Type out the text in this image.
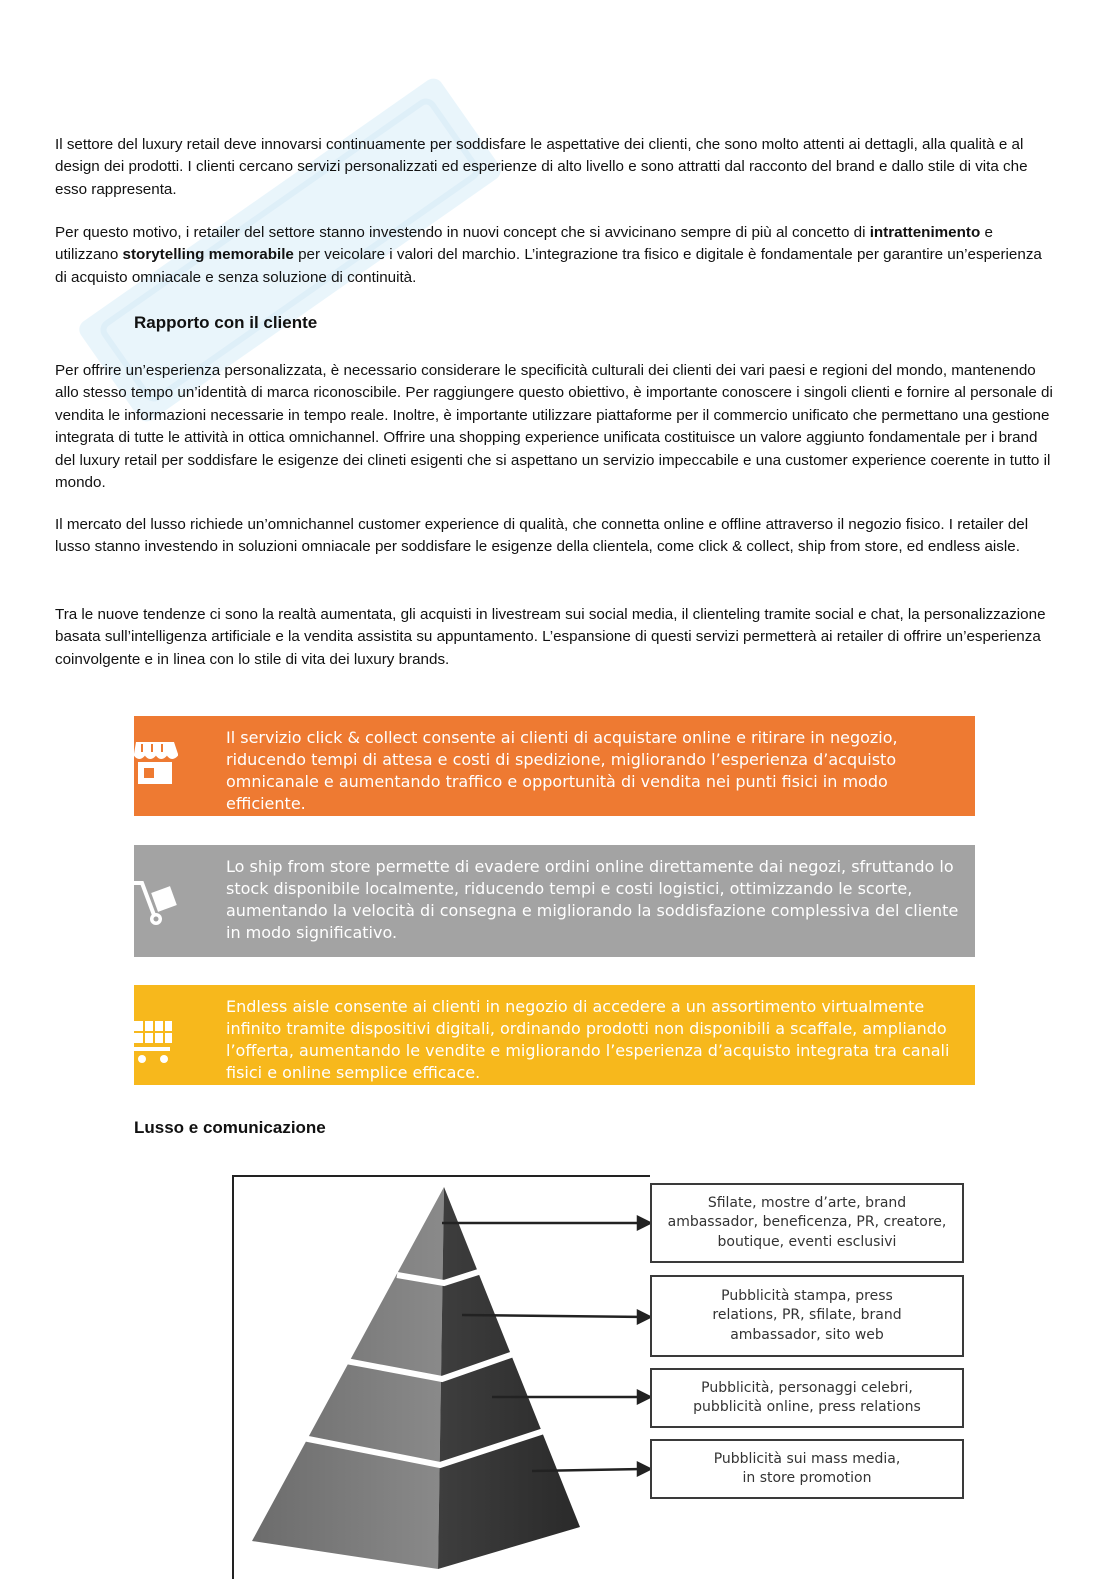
Il settore del luxury retail deve innovarsi continuamente per soddisfare le aspettative dei clienti, che sono molto attenti ai dettagli, alla qualità e al design dei prodotti. I clienti cercano servizi personalizzati ed esperienze di alto livello e sono attratti dal racconto del brand e dallo stile di vita che esso rappresenta.

Per questo motivo, i retailer del settore stanno investendo in nuovi concept che si avvicinano sempre di più al concetto di intrattenimento e utilizzano storytelling memorabile per veicolare i valori del marchio. L’integrazione tra fisico e digitale è fondamentale per garantire un’esperienza di acquisto omniacale e senza soluzione di continuità.

Rapporto con il cliente

Per offrire un’esperienza personalizzata, è necessario considerare le specificità culturali dei clienti dei vari paesi e regioni del mondo, mantenendo allo stesso tempo un’identità di marca riconoscibile. Per raggiungere questo obiettivo, è importante conoscere i singoli clienti e fornire al personale di vendita le informazioni necessarie in tempo reale. Inoltre, è importante utilizzare piattaforme per il commercio unificato che permettano una gestione integrata di tutte le attività in ottica omnichannel. Offrire una shopping experience unificata costituisce un valore aggiunto fondamentale per i brand del luxury retail per soddisfare le esigenze dei clineti esigenti che si aspettano un servizio impeccabile e una customer experience coerente in tutto il mondo.

Il mercato del lusso richiede un’omnichannel customer experience di qualità, che connetta online e offline attraverso il negozio fisico. I retailer del lusso stanno investendo in soluzioni omniacale per soddisfare le esigenze della clientela, come click & collect, ship from store, ed endless aisle.

Tra le nuove tendenze ci sono la realtà aumentata, gli acquisti in livestream sui social media, il clienteling tramite social e chat, la personalizzazione basata sull’intelligenza artificiale e la vendita assistita su appuntamento. L’espansione di questi servizi permetterà ai retailer di offrire un’esperienza coinvolgente e in linea con lo stile di vita dei luxury brands.

Il servizio click & collect consente ai clienti di acquistare online e ritirare in negozio, riducendo tempi di attesa e costi di spedizione, migliorando l’esperienza d’acquisto omnicanale e aumentando traffico e opportunità di vendita nei punti fisici in modo efficiente.
Lo ship from store permette di evadere ordini online direttamente dai negozi, sfruttando lo stock disponibile localmente, riducendo tempi e costi logistici, ottimizzando le scorte, aumentando la velocità di consegna e migliorando la soddisfazione complessiva del cliente in modo significativo.
Endless aisle consente ai clienti in negozio di accedere a un assortimento virtualmente infinito tramite dispositivi digitali, ordinando prodotti non disponibili a scaffale, ampliando l’offerta, aumentando le vendite e migliorando l’esperienza d’acquisto integrata tra canali fisici e online semplice efficace.
Lusso e comunicazione
Sfilate, mostre d’arte, brand
ambassador, beneficenza, PR, creatore,
boutique, eventi esclusivi
Pubblicità stampa, press
relations, PR, sfilate, brand
ambassador, sito web
Pubblicità, personaggi celebri,
pubblicità online, press relations
Pubblicità sui mass media,
in store promotion
